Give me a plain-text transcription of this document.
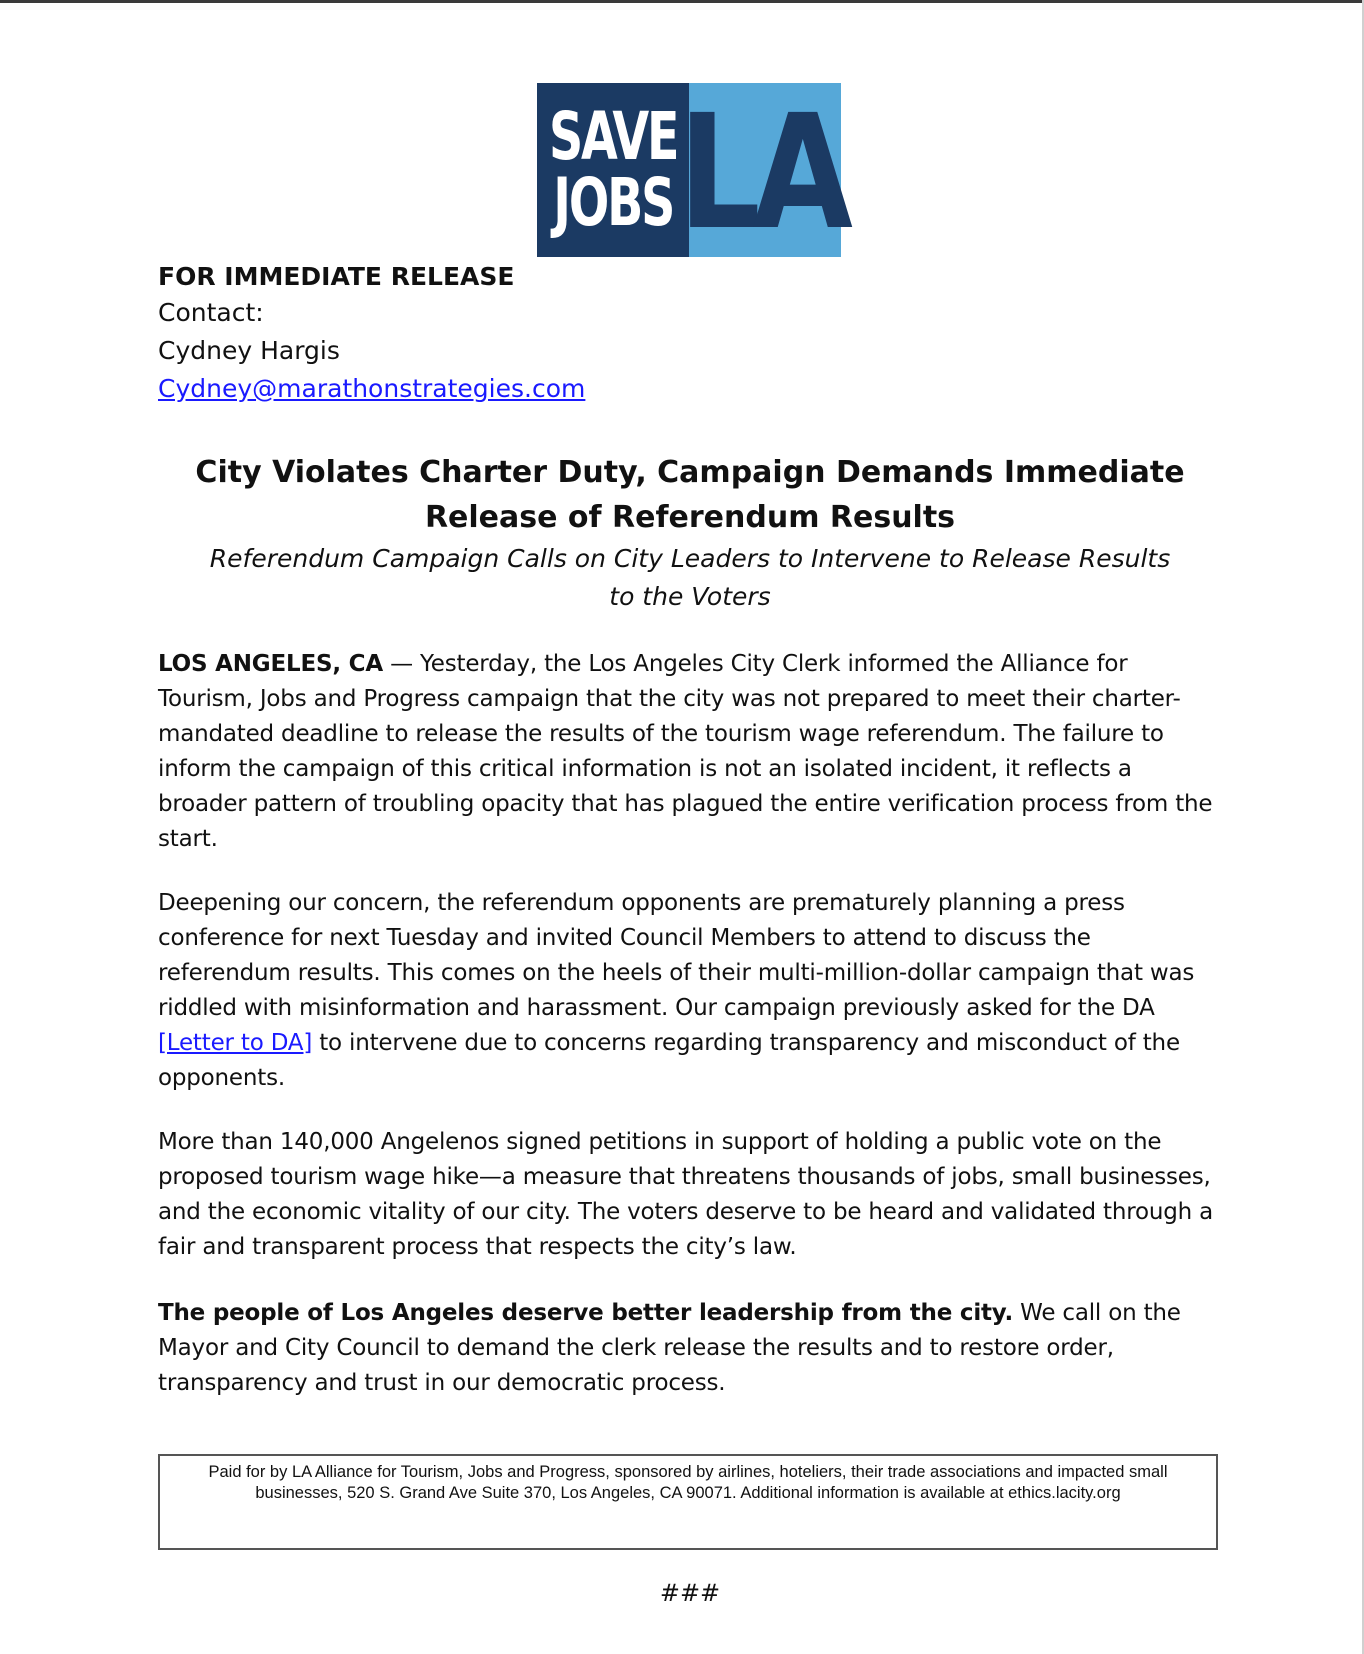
SAVE
JOBS LA
FOR IMMEDIATE RELEASE
Contact:
Cydney Hargis
Cydney@marathonstrategies.com
City Violates Charter Duty, Campaign Demands Immediate
Release of Referendum Results
Referendum Campaign Calls on City Leaders to Intervene to Release Results
to the Voters
LOS ANGELES, CA — Yesterday, the Los Angeles City Clerk informed the Alliance for Tourism, Jobs and Progress campaign that the city was not prepared to meet their charter-mandated deadline to release the results of the tourism wage referendum. The failure to inform the campaign of this critical information is not an isolated incident, it reflects a broader pattern of troubling opacity that has plagued the entire verification process from the start.
Deepening our concern, the referendum opponents are prematurely planning a press conference for next Tuesday and invited Council Members to attend to discuss the referendum results. This comes on the heels of their multi-million-dollar campaign that was riddled with misinformation and harassment. Our campaign previously asked for the DA [Letter to DA] to intervene due to concerns regarding transparency and misconduct of the opponents.
More than 140,000 Angelenos signed petitions in support of holding a public vote on the proposed tourism wage hike—a measure that threatens thousands of jobs, small businesses, and the economic vitality of our city. The voters deserve to be heard and validated through a fair and transparent process that respects the city’s law.
The people of Los Angeles deserve better leadership from the city. We call on the Mayor and City Council to demand the clerk release the results and to restore order, transparency and trust in our democratic process.
Paid for by LA Alliance for Tourism, Jobs and Progress, sponsored by airlines, hoteliers, their trade associations and impacted small
businesses, 520 S. Grand Ave Suite 370, Los Angeles, CA 90071. Additional information is available at ethics.lacity.org
###
